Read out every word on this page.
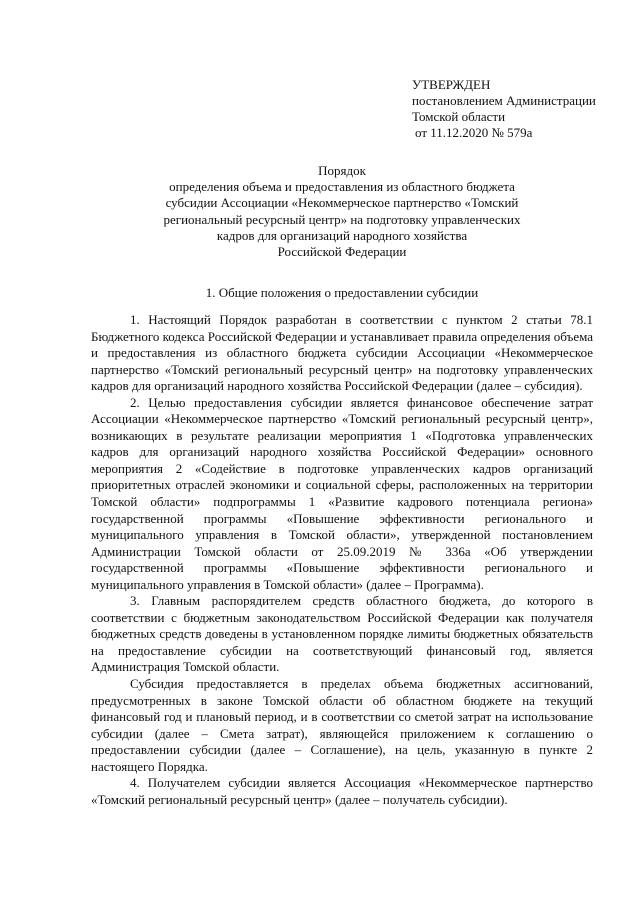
УТВЕРЖДЕН
постановлением Администрации
Томской области
от 11.12.2020 № 579а
Порядок
определения объема и предоставления из областного бюджета
субсидии Ассоциации «Некоммерческое партнерство «Томский
региональный ресурсный центр» на подготовку управленческих
кадров для организаций народного хозяйства
Российской Федерации
1. Общие положения о предоставлении субсидии

1. Настоящий Порядок разработан в соответствии с пунктом 2 статьи 78.1 Бюджетного кодекса Российской Федерации и устанавливает правила определения объема и предоставления из областного бюджета субсидии Ассоциации «Некоммерческое партнерство «Томский региональный ресурсный центр» на подготовку управленческих кадров для организаций народного хозяйства Российской Федерации (далее – субсидия).

2. Целью предоставления субсидии является финансовое обеспечение затрат Ассоциации «Некоммерческое партнерство «Томский региональный ресурсный центр», возникающих в результате реализации мероприятия 1 «Подготовка управленческих кадров для организаций народного хозяйства Российской Федерации» основного мероприятия 2 «Содействие в подготовке управленческих кадров организаций приоритетных отраслей экономики и социальной сферы, расположенных на территории Томской области» подпрограммы 1 «Развитие кадрового потенциала региона» государственной программы «Повышение эффективности регионального и муниципального управления в Томской области», утвержденной постановлением Администрации Томской области от 25.09.2019 № 336а «Об утверждении государственной программы «Повышение эффективности регионального и муниципального управления в Томской области» (далее – Программа).

3. Главным распорядителем средств областного бюджета, до которого в соответствии с бюджетным законодательством Российской Федерации как получателя бюджетных средств доведены в установленном порядке лимиты бюджетных обязательств на предоставление субсидии на соответствующий финансовый год, является Администрация Томской области.

Субсидия предоставляется в пределах объема бюджетных ассигнований, предусмотренных в законе Томской области об областном бюджете на текущий финансовый год и плановый период, и в соответствии со сметой затрат на использование субсидии (далее – Смета затрат), являющейся приложением к соглашению о предоставлении субсидии (далее – Соглашение), на цель, указанную в пункте 2 настоящего Порядка.

4. Получателем субсидии является Ассоциация «Некоммерческое партнерство «Томский региональный ресурсный центр» (далее – получатель субсидии).
